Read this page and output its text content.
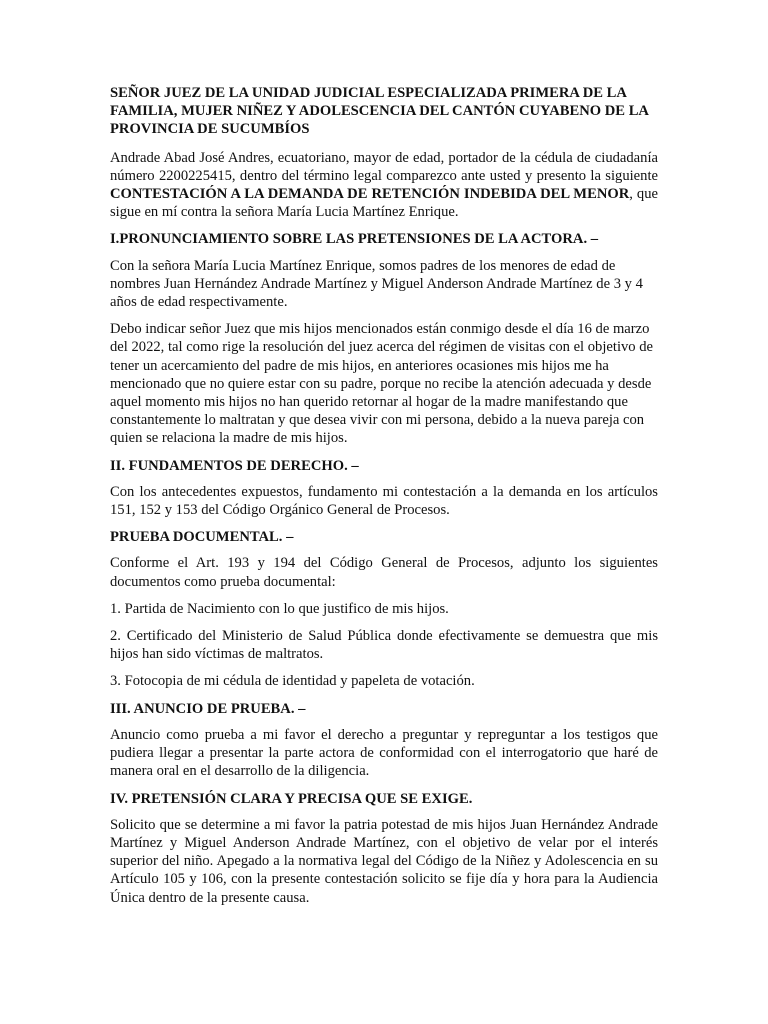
SEÑOR JUEZ DE LA UNIDAD JUDICIAL ESPECIALIZADA PRIMERA DE LA FAMILIA, MUJER NIÑEZ Y ADOLESCENCIA DEL CANTÓN CUYABENO DE LA PROVINCIA DE SUCUMBÍOS

Andrade Abad José Andres, ecuatoriano, mayor de edad, portador de la cédula de ciudadanía número 2200225415, dentro del término legal comparezco ante usted y presento la siguiente CONTESTACIÓN A LA DEMANDA DE RETENCIÓN INDEBIDA DEL MENOR, que sigue en mí contra la señora María Lucia Martínez Enrique.

I.PRONUNCIAMIENTO SOBRE LAS PRETENSIONES DE LA ACTORA. –

Con la señora María Lucia Martínez Enrique, somos padres de los menores de edad de nombres Juan Hernández Andrade Martínez y Miguel Anderson Andrade Martínez de 3 y 4 años de edad respectivamente.

Debo indicar señor Juez que mis hijos mencionados están conmigo desde el día 16 de marzo del 2022, tal como rige la resolución del juez acerca del régimen de visitas con el objetivo de tener un acercamiento del padre de mis hijos, en anteriores ocasiones mis hijos me ha mencionado que no quiere estar con su padre, porque no recibe la atención adecuada y desde aquel momento mis hijos no han querido retornar al hogar de la madre manifestando que constantemente lo maltratan y que desea vivir con mi persona, debido a la nueva pareja con quien se relaciona la madre de mis hijos.

II. FUNDAMENTOS DE DERECHO. –

Con los antecedentes expuestos, fundamento mi contestación a la demanda en los artículos 151, 152 y 153 del Código Orgánico General de Procesos.

PRUEBA DOCUMENTAL. –

Conforme el Art. 193 y 194 del Código General de Procesos, adjunto los siguientes documentos como prueba documental:

1. Partida de Nacimiento con lo que justifico de mis hijos.

2. Certificado del Ministerio de Salud Pública donde efectivamente se demuestra que mis hijos han sido víctimas de maltratos.

3. Fotocopia de mi cédula de identidad y papeleta de votación.

III. ANUNCIO DE PRUEBA. –

Anuncio como prueba a mi favor el derecho a preguntar y repreguntar a los testigos que pudiera llegar a presentar la parte actora de conformidad con el interrogatorio que haré de manera oral en el desarrollo de la diligencia.

IV. PRETENSIÓN CLARA Y PRECISA QUE SE EXIGE.

Solicito que se determine a mi favor la patria potestad de mis hijos Juan Hernández Andrade Martínez y Miguel Anderson Andrade Martínez, con el objetivo de velar por el interés superior del niño. Apegado a la normativa legal del Código de la Niñez y Adolescencia en su Artículo 105 y 106, con la presente contestación solicito se fije día y hora para la Audiencia Única dentro de la presente causa.
